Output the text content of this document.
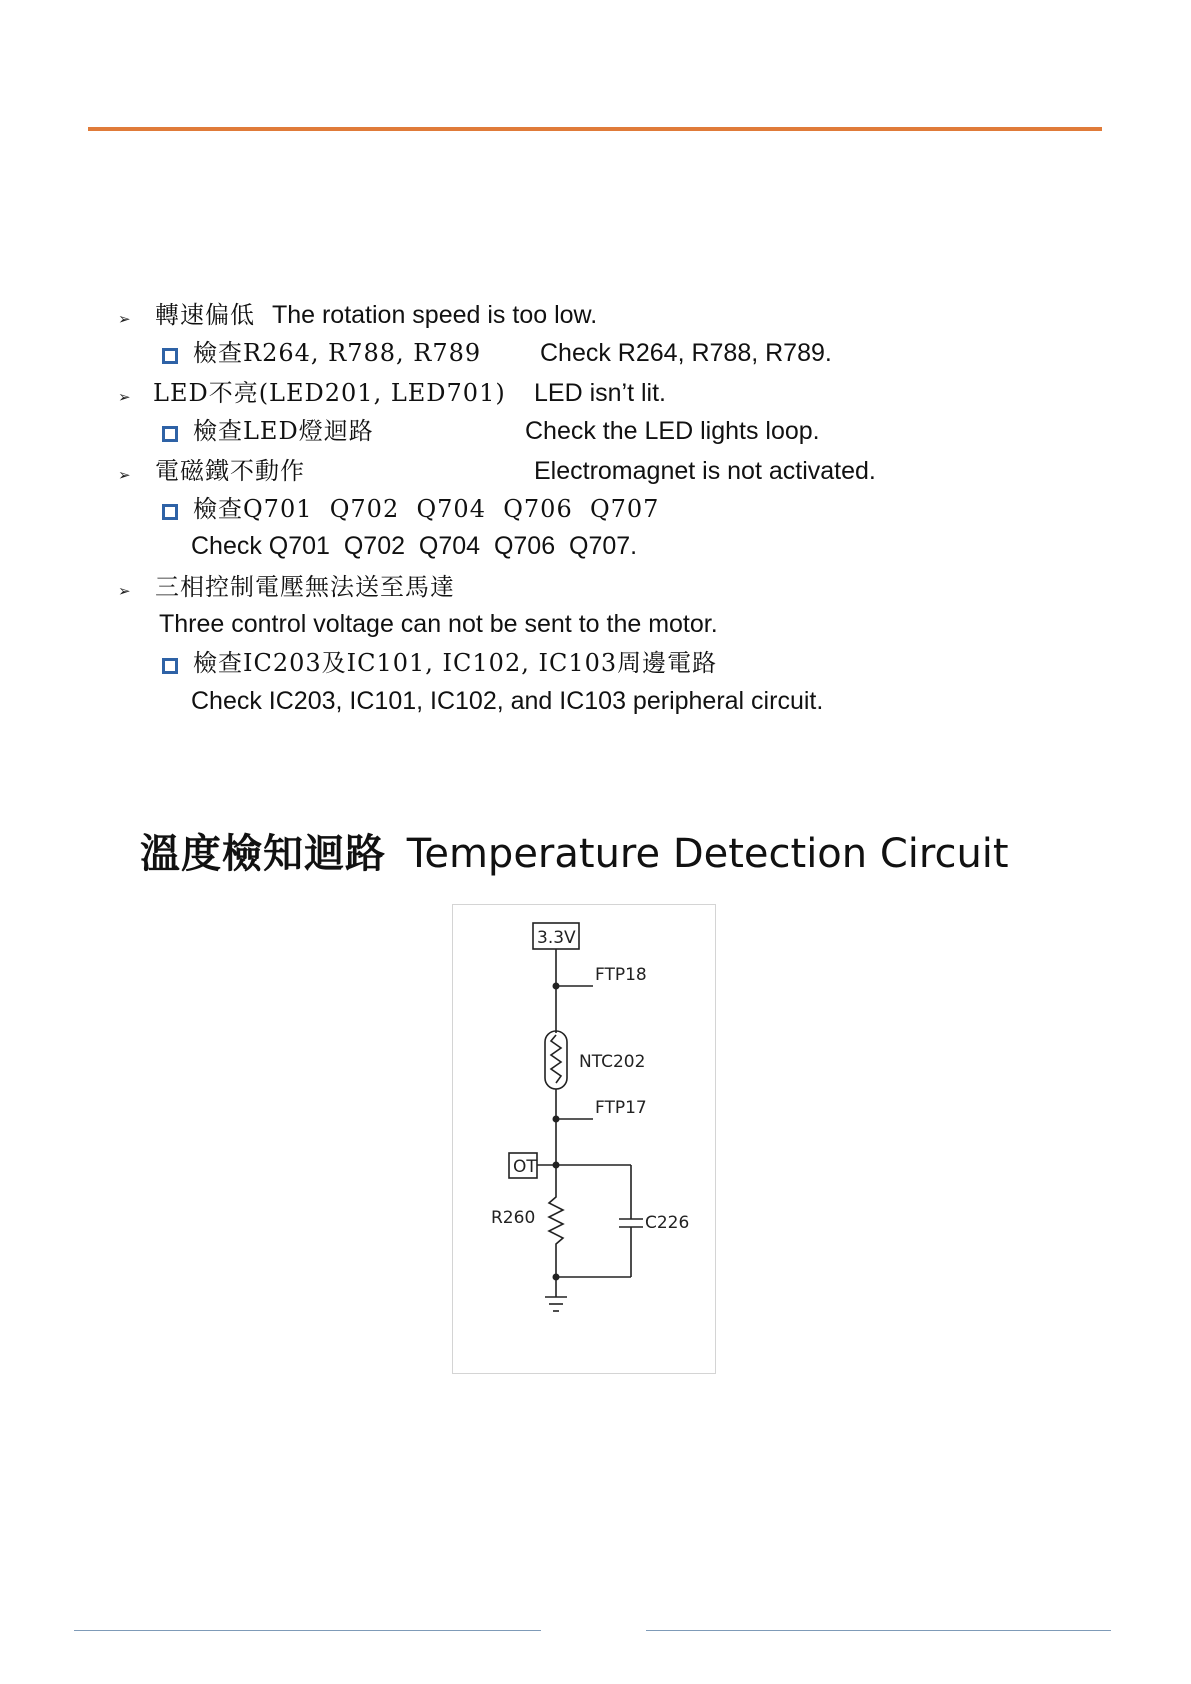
➢ 轉速偏低 The rotation speed is too low.
檢查R264, R788, R789 Check R264, R788, R789.
➢ LED不亮(LED201, LED701) LED isn’t lit.
檢查LED燈迴路	Check the LED lights loop.
➢ 電磁鐵不動作	Electromagnet is not activated.
檢查Q701  Q702  Q704  Q706  Q707
Check Q701  Q702  Q704  Q706  Q707.
➢ 三相控制電壓無法送至馬達
Three control voltage can not be sent to the motor.
檢查IC203及IC101, IC102, IC103周邊電路
Check IC203, IC101, IC102, and IC103 peripheral circuit.
溫度檢知迴路 Temperature Detection Circuit
3.3V
FTP18
NTC202
FTP17
OT
R260	C226
